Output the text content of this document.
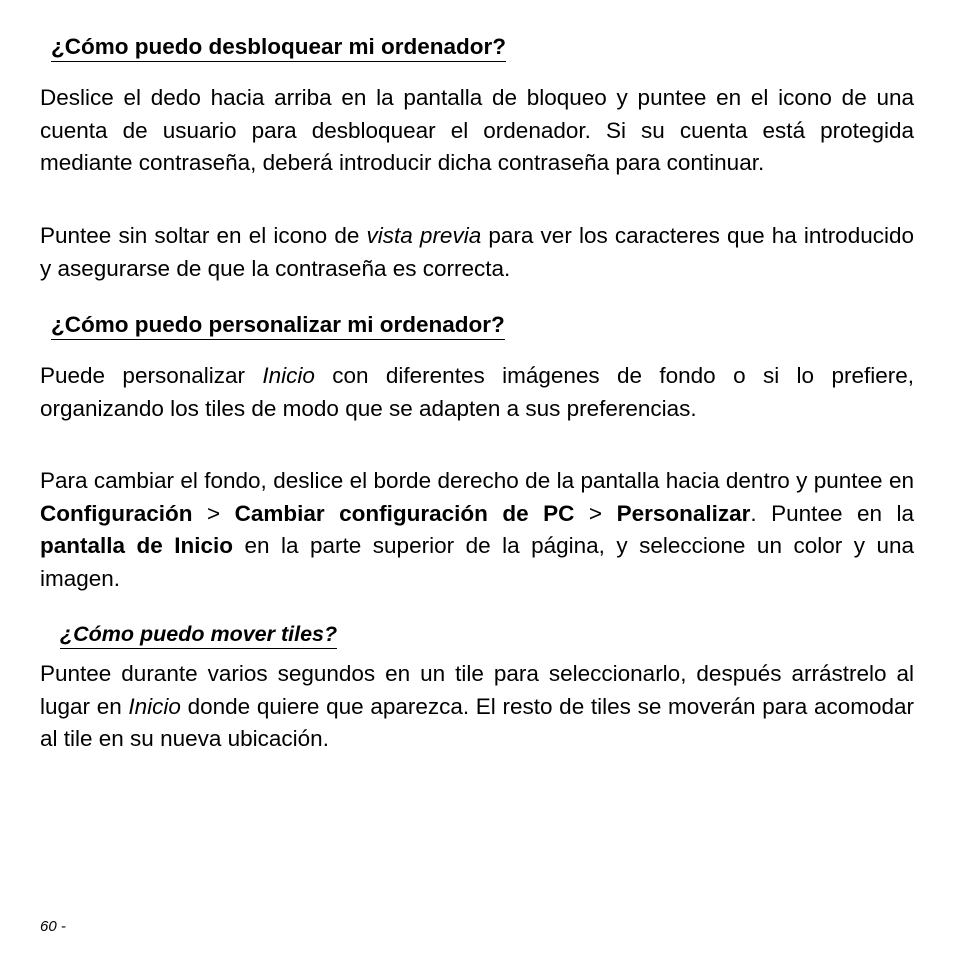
¿Cómo puedo desbloquear mi ordenador?

Deslice el dedo hacia arriba en la pantalla de bloqueo y puntee en el icono de una cuenta de usuario para desbloquear el ordenador. Si su cuenta está protegida mediante contraseña, deberá introducir dicha contraseña para continuar.

Puntee sin soltar en el icono de vista previa para ver los caracteres que ha introducido y asegurarse de que la contraseña es correcta.

¿Cómo puedo personalizar mi ordenador?

Puede personalizar Inicio con diferentes imágenes de fondo o si lo prefiere, organizando los tiles de modo que se adapten a sus preferencias.

Para cambiar el fondo, deslice el borde derecho de la pantalla hacia dentro y puntee en Configuración > Cambiar configuración de PC > Personalizar. Puntee en la pantalla de Inicio en la parte superior de la página, y seleccione un color y una imagen.

¿Cómo puedo mover tiles?

Puntee durante varios segundos en un tile para seleccionarlo, después arrástrelo al lugar en Inicio donde quiere que aparezca. El resto de tiles se moverán para acomodar al tile en su nueva ubicación.

60 -
